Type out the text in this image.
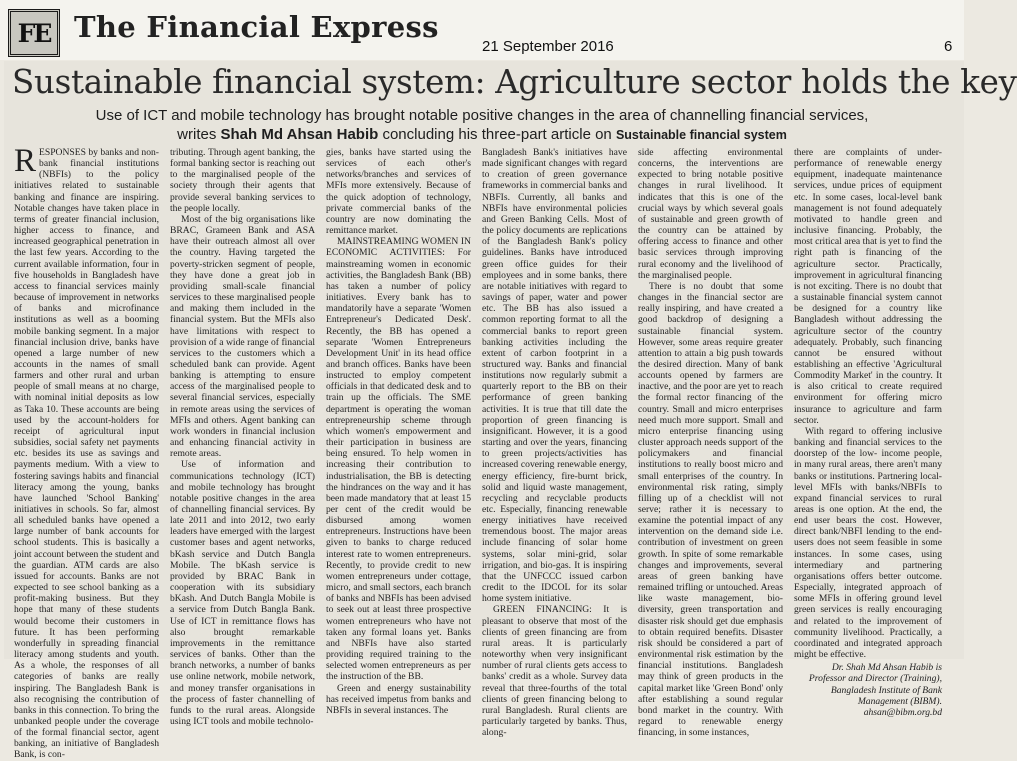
FE The Financial Express
21 September 2016	6
Sustainable financial system: Agriculture sector holds the key
Use of ICT and mobile technology has brought notable positive changes in the area of channelling financial services,
writes Shah Md Ahsan Habib concluding his three-part article on Sustainable financial system

RESPONSES by banks and non-bank financial institutions (NBFIs) to the policy initiatives related to sustainable banking and finance are inspiring. Notable changes have taken place in terms of greater financial inclusion, higher access to finance, and increased geographical penetration in the last few years. According to the current available information, four in five households in Bangladesh have access to financial services mainly because of improvement in networks of banks and microfinance institutions as well as a booming mobile banking segment. In a major financial inclusion drive, banks have opened a large number of new accounts in the names of small farmers and other rural and urban people of small means at no charge, with nominal initial deposits as low as Taka 10. These accounts are being used by the account-holders for receipt of agricultural input subsidies, social safety net payments etc. besides its use as savings and payments medium. With a view to fostering savings habits and financial literacy among the young, banks have launched 'School Banking' initiatives in schools. So far, almost all scheduled banks have opened a large number of bank accounts for school students. This is basically a joint account between the student and the guardian. ATM cards are also issued for accounts. Banks are not expected to see school banking as a profit-making business. But they hope that many of these students would become their customers in future. It has been performing wonderfully in spreading financial literacy among students and youth. As a whole, the responses of all categories of banks are really inspiring. The Bangladesh Bank is also recognising the contribution of banks in this connection. To bring the unbanked people under the coverage of the formal financial sector, agent banking, an initiative of Bangladesh Bank, is con-

tributing. Through agent banking, the formal banking sector is reaching out to the marginalised people of the society through their agents that provide several banking services to the people locally.

Most of the big organisations like BRAC, Grameen Bank and ASA have their outreach almost all over the country. Having targeted the poverty-stricken segment of people, they have done a great job in providing small-scale financial services to these marginalised people and making them included in the financial system. But the MFIs also have limitations with respect to provision of a wide range of financial services to the customers which a scheduled bank can provide. Agent banking is attempting to ensure access of the marginalised people to several financial services, especially in remote areas using the services of MFIs and others. Agent banking can work wonders in financial inclusion and enhancing financial activity in remote areas.

Use of information and communications technology (ICT) and mobile technology has brought notable positive changes in the area of channelling financial services. By late 2011 and into 2012, two early leaders have emerged with the largest customer bases and agent networks, bKash service and Dutch Bangla Mobile. The bKash service is provided by BRAC Bank in cooperation with its subsidiary bKash. And Dutch Bangla Mobile is a service from Dutch Bangla Bank. Use of ICT in remittance flows has also brought remarkable improvements in the remittance services of banks. Other than the branch networks, a number of banks use online network, mobile network, and money transfer organisations in the process of faster channelling of funds to the rural areas. Alongside using ICT tools and mobile technolo-

gies, banks have started using the services of each other's networks/branches and services of MFIs more extensively. Because of the quick adoption of technology, private commercial banks of the country are now dominating the remittance market.

MAINSTREAMING WOMEN IN ECONOMIC ACTIVITIES: For mainstreaming women in economic activities, the Bangladesh Bank (BB) has taken a number of policy initiatives. Every bank has to mandatorily have a separate 'Women Entrepreneur's Dedicated Desk'. Recently, the BB has opened a separate 'Women Entrepreneurs Development Unit' in its head office and branch offices. Banks have been instructed to employ competent officials in that dedicated desk and to train up the officials. The SME department is operating the woman entrepreneurship scheme through which women's empowerment and their participation in business are being ensured. To help women in increasing their contribution to industrialisation, the BB is detecting the hindrances on the way and it has been made mandatory that at least 15 per cent of the credit would be disbursed among women entrepreneurs. Instructions have been given to banks to charge reduced interest rate to women entrepreneurs. Recently, to provide credit to new women entrepreneurs under cottage, micro, and small sectors, each branch of banks and NBFIs has been advised to seek out at least three prospective women entrepreneurs who have not taken any formal loans yet. Banks and NBFIs have also started providing required training to the selected women entrepreneurs as per the instruction of the BB.

Green and energy sustainability has received impetus from banks and NBFIs in several instances. The

Bangladesh Bank's initiatives have made significant changes with regard to creation of green governance frameworks in commercial banks and NBFIs. Currently, all banks and NBFIs have environmental policies and Green Banking Cells. Most of the policy documents are replications of the Bangladesh Bank's policy guidelines. Banks have introduced green office guides for their employees and in some banks, there are notable initiatives with regard to savings of paper, water and power etc. The BB has also issued a common reporting format to all the commercial banks to report green banking activities including the extent of carbon footprint in a structured way. Banks and financial institutions now regularly submit a quarterly report to the BB on their performance of green banking activities. It is true that till date the proportion of green financing is insignificant. However, it is a good starting and over the years, financing to green projects/activities has increased covering renewable energy, energy efficiency, fire-burnt brick, solid and liquid waste management, recycling and recyclable products etc. Especially, financing renewable energy initiatives have received tremendous boost. The major areas include financing of solar home systems, solar mini-grid, solar irrigation, and bio-gas. It is inspiring that the UNFCCC issued carbon credit to the IDCOL for its solar home system initiative.

GREEN FINANCING: It is pleasant to observe that most of the clients of green financing are from rural areas. It is particularly noteworthy when very insignificant number of rural clients gets access to banks' credit as a whole. Survey data reveal that three-fourths of the total clients of green financing belong to rural Bangladesh. Rural clients are particularly targeted by banks. Thus, along-

side affecting environmental concerns, the interventions are expected to bring notable positive changes in rural livelihood. It indicates that this is one of the crucial ways by which several goals of sustainable and green growth of the country can be attained by offering access to finance and other basic services through improving rural economy and the livelihood of the marginalised people.

There is no doubt that some changes in the financial sector are really inspiring, and have created a good backdrop of designing a sustainable financial system. However, some areas require greater attention to attain a big push towards the desired direction. Many of bank accounts opened by farmers are inactive, and the poor are yet to reach the formal rector financing of the country. Small and micro enterprises need much more support. Small and micro enterprise financing using cluster approach needs support of the policymakers and financial institutions to really boost micro and small enterprises of the country. In environmental risk rating, simply filling up of a checklist will not serve; rather it is necessary to examine the potential impact of any intervention on the demand side i.e. contribution of investment on green growth. In spite of some remarkable changes and improvements, several areas of green banking have remained trifling or untouched. Areas like waste management, bio-diversity, green transportation and disaster risk should get due emphasis to obtain required benefits. Disaster risk should be considered a part of environmental risk estimation by the financial institutions. Bangladesh may think of green products in the capital market like 'Green Bond' only after establishing a sound regular bond market in the country. With regard to renewable energy financing, in some instances,

there are complaints of under-performance of renewable energy equipment, inadequate maintenance services, undue prices of equipment etc. In some cases, local-level bank management is not found adequately motivated to handle green and inclusive financing. Probably, the most critical area that is yet to find the right path is financing of the agriculture sector. Practically, improvement in agricultural financing is not exciting. There is no doubt that a sustainable financial system cannot be designed for a country like Bangladesh without addressing the agriculture sector of the country adequately. Probably, such financing cannot be ensured without establishing an effective 'Agricultural Commodity Market' in the country. It is also critical to create required environment for offering micro insurance to agriculture and farm sector.

With regard to offering inclusive banking and financial services to the doorstep of the low- income people, in many rural areas, there aren't many banks or institutions. Partnering local-level MFIs with banks/NBFIs to expand financial services to rural areas is one option. At the end, the end user bears the cost. However, direct bank/NBFI lending to the end-users does not seem feasible in some instances. In some cases, using intermediary and partnering organisations offers better outcome. Especially, integrated approach of some MFIs in offering ground level green services is really encouraging and related to the improvement of community livelihood. Practically, a coordinated and integrated approach might be effective.

Dr. Shah Md Ahsan Habib is Professor and Director (Training), Bangladesh Institute of Bank Management (BIBM). ahsan@bibm.org.bd
